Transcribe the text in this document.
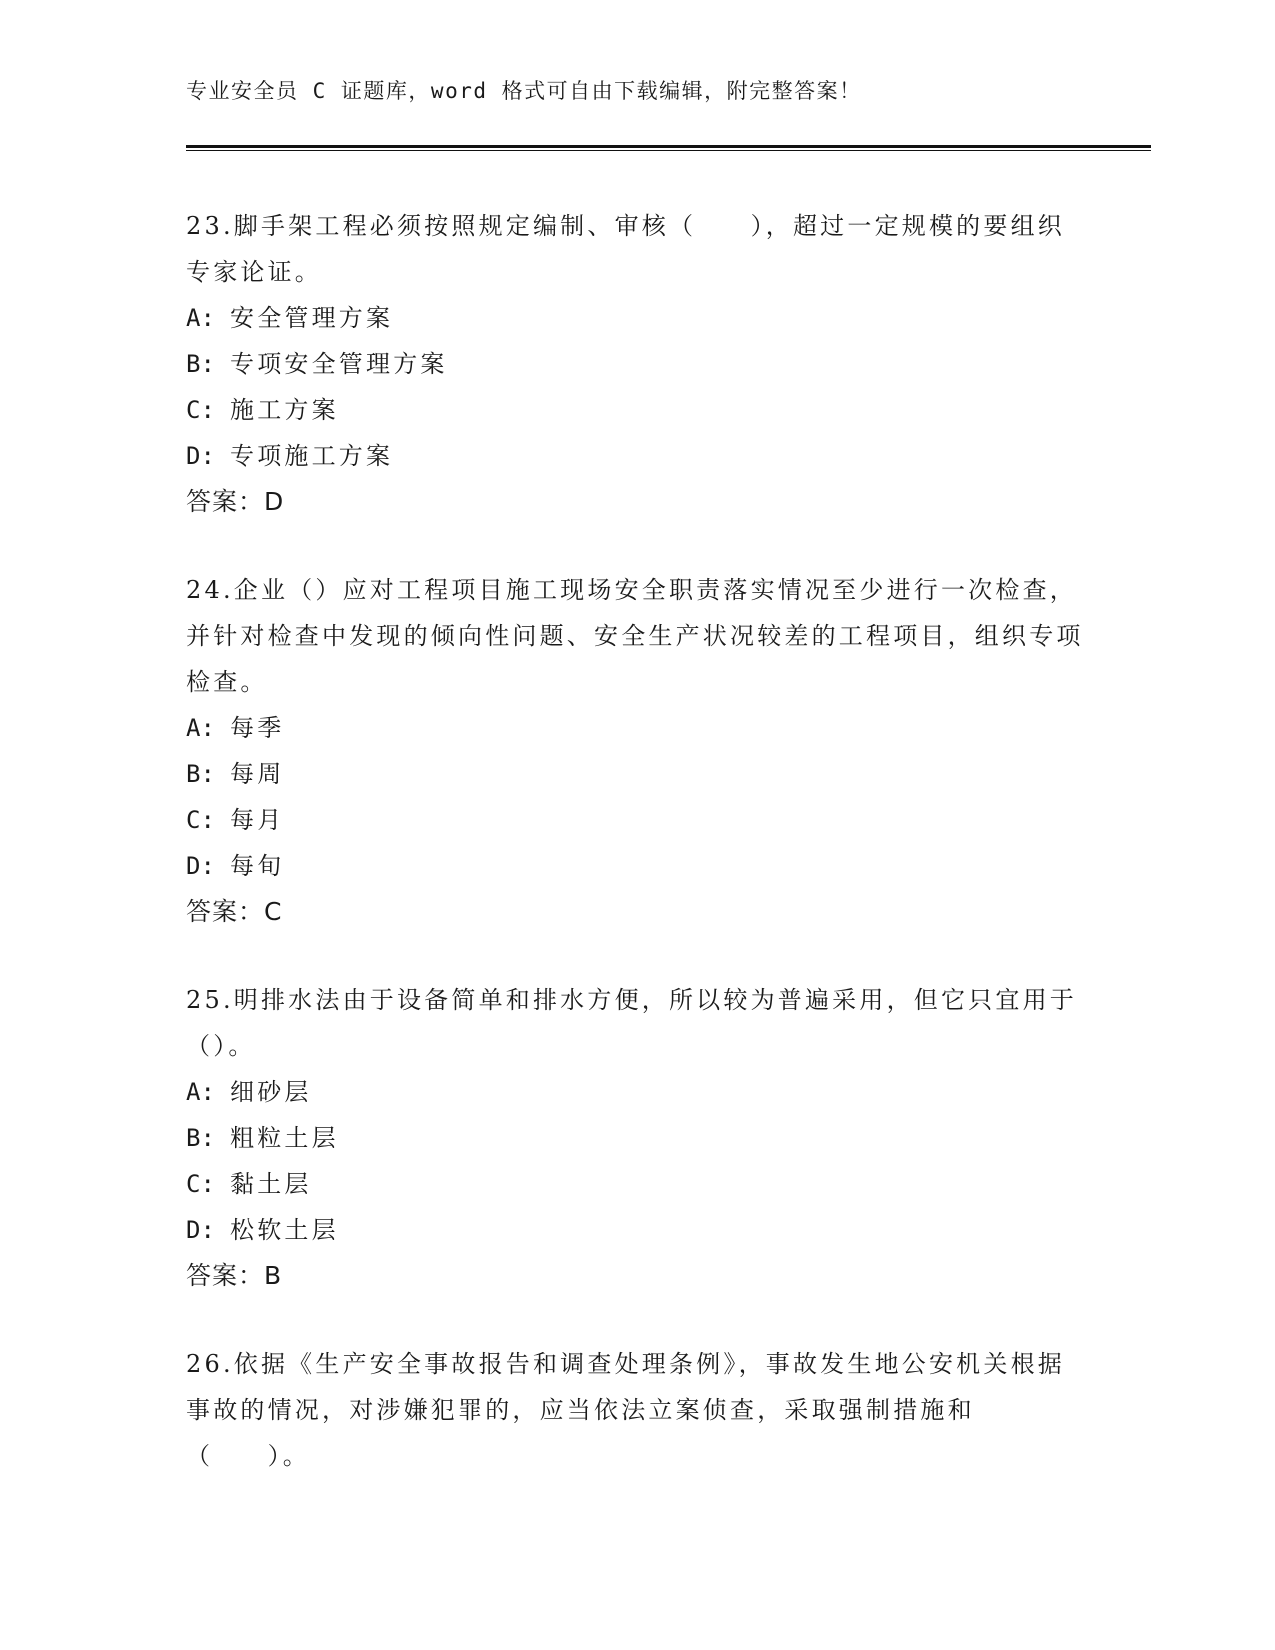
专业安全员 C 证题库，word 格式可自由下载编辑，附完整答案！

23.脚手架工程必须按照规定编制、审核（　　），超过一定规模的要组织专家论证。

A: 安全管理方案

B: 专项安全管理方案

C: 施工方案

D: 专项施工方案

答案：D

24.企业（）应对工程项目施工现场安全职责落实情况至少进行一次检查，并针对检查中发现的倾向性问题、安全生产状况较差的工程项目，组织专项检查。

A: 每季

B: 每周

C: 每月

D: 每旬

答案：C

25.明排水法由于设备简单和排水方便，所以较为普遍采用，但它只宜用于（）。

A: 细砂层

B: 粗粒土层

C: 黏土层

D: 松软土层

答案：B

26.依据《生产安全事故报告和调查处理条例》，事故发生地公安机关根据事故的情况，对涉嫌犯罪的，应当依法立案侦查，采取强制措施和（　　）。
